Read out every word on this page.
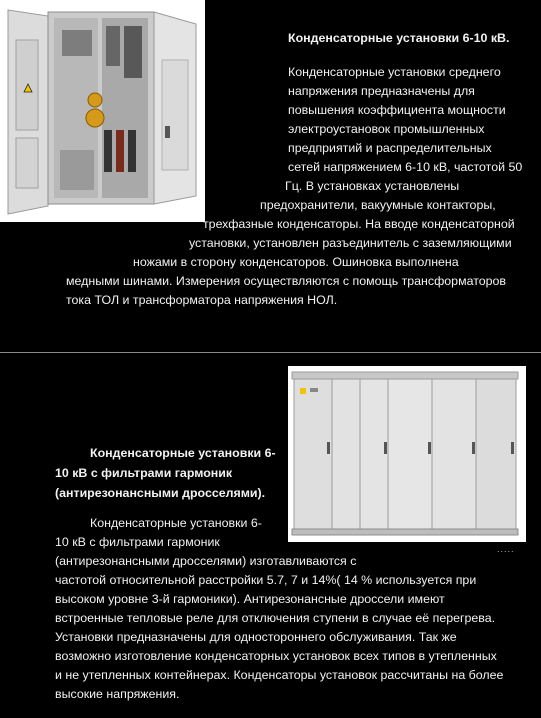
Конденсаторные установки 6-10 кВ.
Конденсаторные установки среднего
напряжения предназначены для
повышения коэффициента мощности
электроустановок промышленных
предприятий и распределительных
сетей напряжением 6-10 кВ, частотой 50
Гц. В установках установлены
предохранители, вакуумные контакторы,
трехфазные конденсаторы. На вводе конденсаторной
установки, установлен разъединитель с заземляющими
ножами в сторону конденсаторов. Ошиновка выполнена
медными шинами. Измерения осуществляются с помощь трансформаторов
тока ТОЛ и трансформатора напряжения НОЛ.
Конденсаторные установки 6-
10 кВ с фильтрами гармоник
(антирезонансными дросселями).
Конденсаторные установки 6-
10 кВ с фильтрами гармоник
(антирезонансными дросселями) изготавливаются с
частотой относительной расстройки 5.7, 7 и 14%( 14 % используется при
высоком уровне 3-й гармоники). Антирезонансные дроссели имеют
встроенные тепловые реле для отключения ступени в случае её перегрева.
Установки предназначены для одностороннего обслуживания. Так же
возможно изготовление конденсаторных установок всех типов в утепленных
и не утепленных контейнерах. Конденсаторы установок рассчитаны на более
высокие напряжения.
.....
